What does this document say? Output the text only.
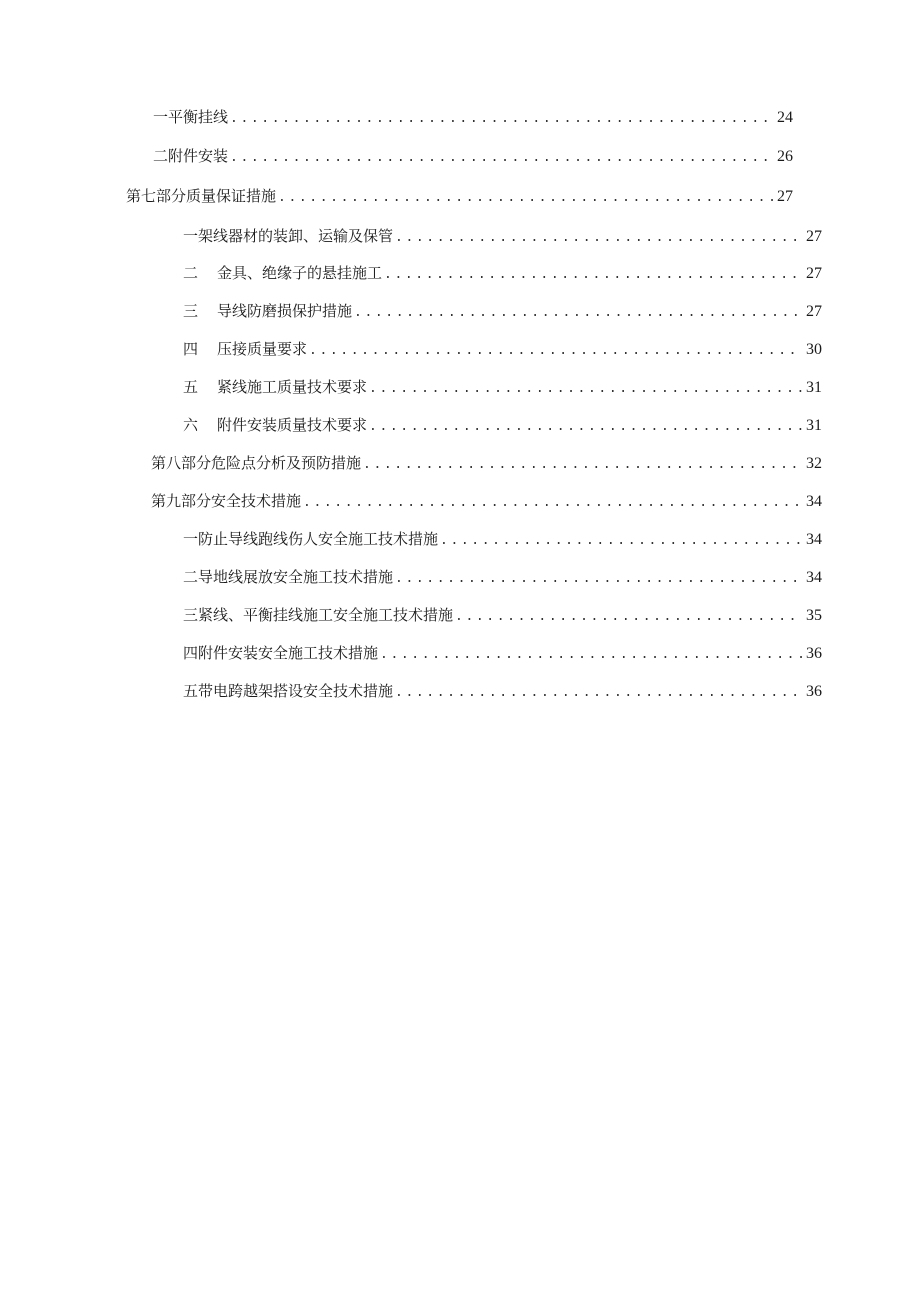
一平衡挂线 .....	24
二附件安装 .....	26
第七部分质量保证措施 .....	27
一架线器材的装卸、运输及保管 .....	27
二 金具、绝缘子的悬挂施工 .....	27
三 导线防磨损保护措施 .....	27
四 压接质量要求 .....	30
五 紧线施工质量技术要求 .....	31
六 附件安装质量技术要求 .....	31
第八部分危险点分析及预防措施 .....	32
第九部分安全技术措施 .....	34
一防止导线跑线伤人安全施工技术措施 .....	34
二导地线展放安全施工技术措施 .....	34
三紧线、平衡挂线施工安全施工技术措施 .....	35
四附件安装安全施工技术措施 .....	36
五带电跨越架搭设安全技术措施 .....	36
